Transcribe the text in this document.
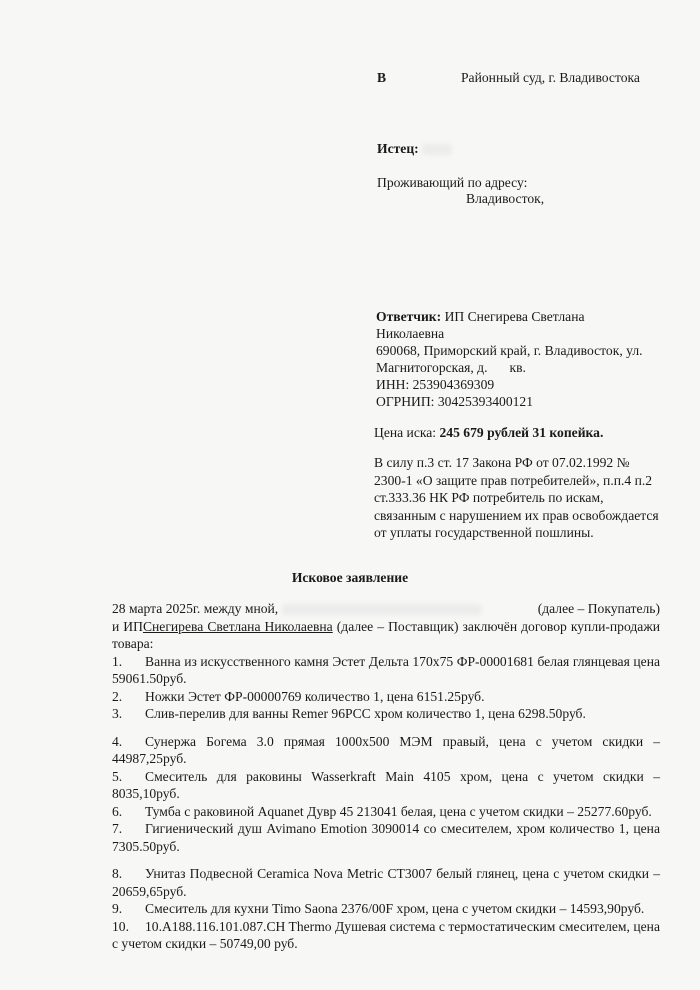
В	Районный суд, г. Владивостока
Истец:
Проживающий по адресу:
Владивосток,
Ответчик: ИП Снегирева Светлана
Николаевна
690068, Приморский край, г. Владивосток, ул.
Магнитогорская, д. кв.
ИНН: 253904369309
ОГРНИП: 30425393400121
Цена иска: 245 679 рублей 31 копейка.
В силу п.3 ст. 17 Закона РФ от 07.02.1992 № 2300-1 «О защите прав потребителей», п.п.4 п.2 ст.333.36 НК РФ потребитель по искам, связанным с нарушением их прав освобождается от уплаты государственной пошлины.
Исковое заявление

28 марта 2025г. между мной,	(далее – Покупатель)

и ИПСнегирева Светлана Николаевна (далее – Поставщик) заключён договор купли-продажи товара:

1. Ванна из искусственного камня Эстет Дельта 170х75 ФР-00001681 белая глянцевая цена 59061.50руб.

2. Ножки Эстет ФР-00000769 количество 1, цена 6151.25руб.

3. Слив-перелив для ванны Remer 96PCC хром количество 1, цена 6298.50руб.

4. Сунержа Богема 3.0 прямая 1000х500 МЭМ правый, цена с учетом скидки – 44987,25руб.

5. Смеситель для раковины Wasserkraft Main 4105 хром, цена с учетом скидки – 8035,10руб.

6. Тумба с раковиной Aquanet Дувр 45 213041 белая, цена с учетом скидки – 25277.60руб.

7. Гигиенический душ Avimano Emotion 3090014 со смесителем, хром количество 1, цена 7305.50руб.

8. Унитаз Подвесной Ceramica Nova Metric CT3007 белый глянец, цена с учетом скидки – 20659,65руб.

9. Смеситель для кухни Timo Saona 2376/00F хром, цена с учетом скидки – 14593,90руб.

10. 10.A188.116.101.087.CH Thermo Душевая система с термостатическим смесителем, цена с учетом скидки – 50749,00 руб.
